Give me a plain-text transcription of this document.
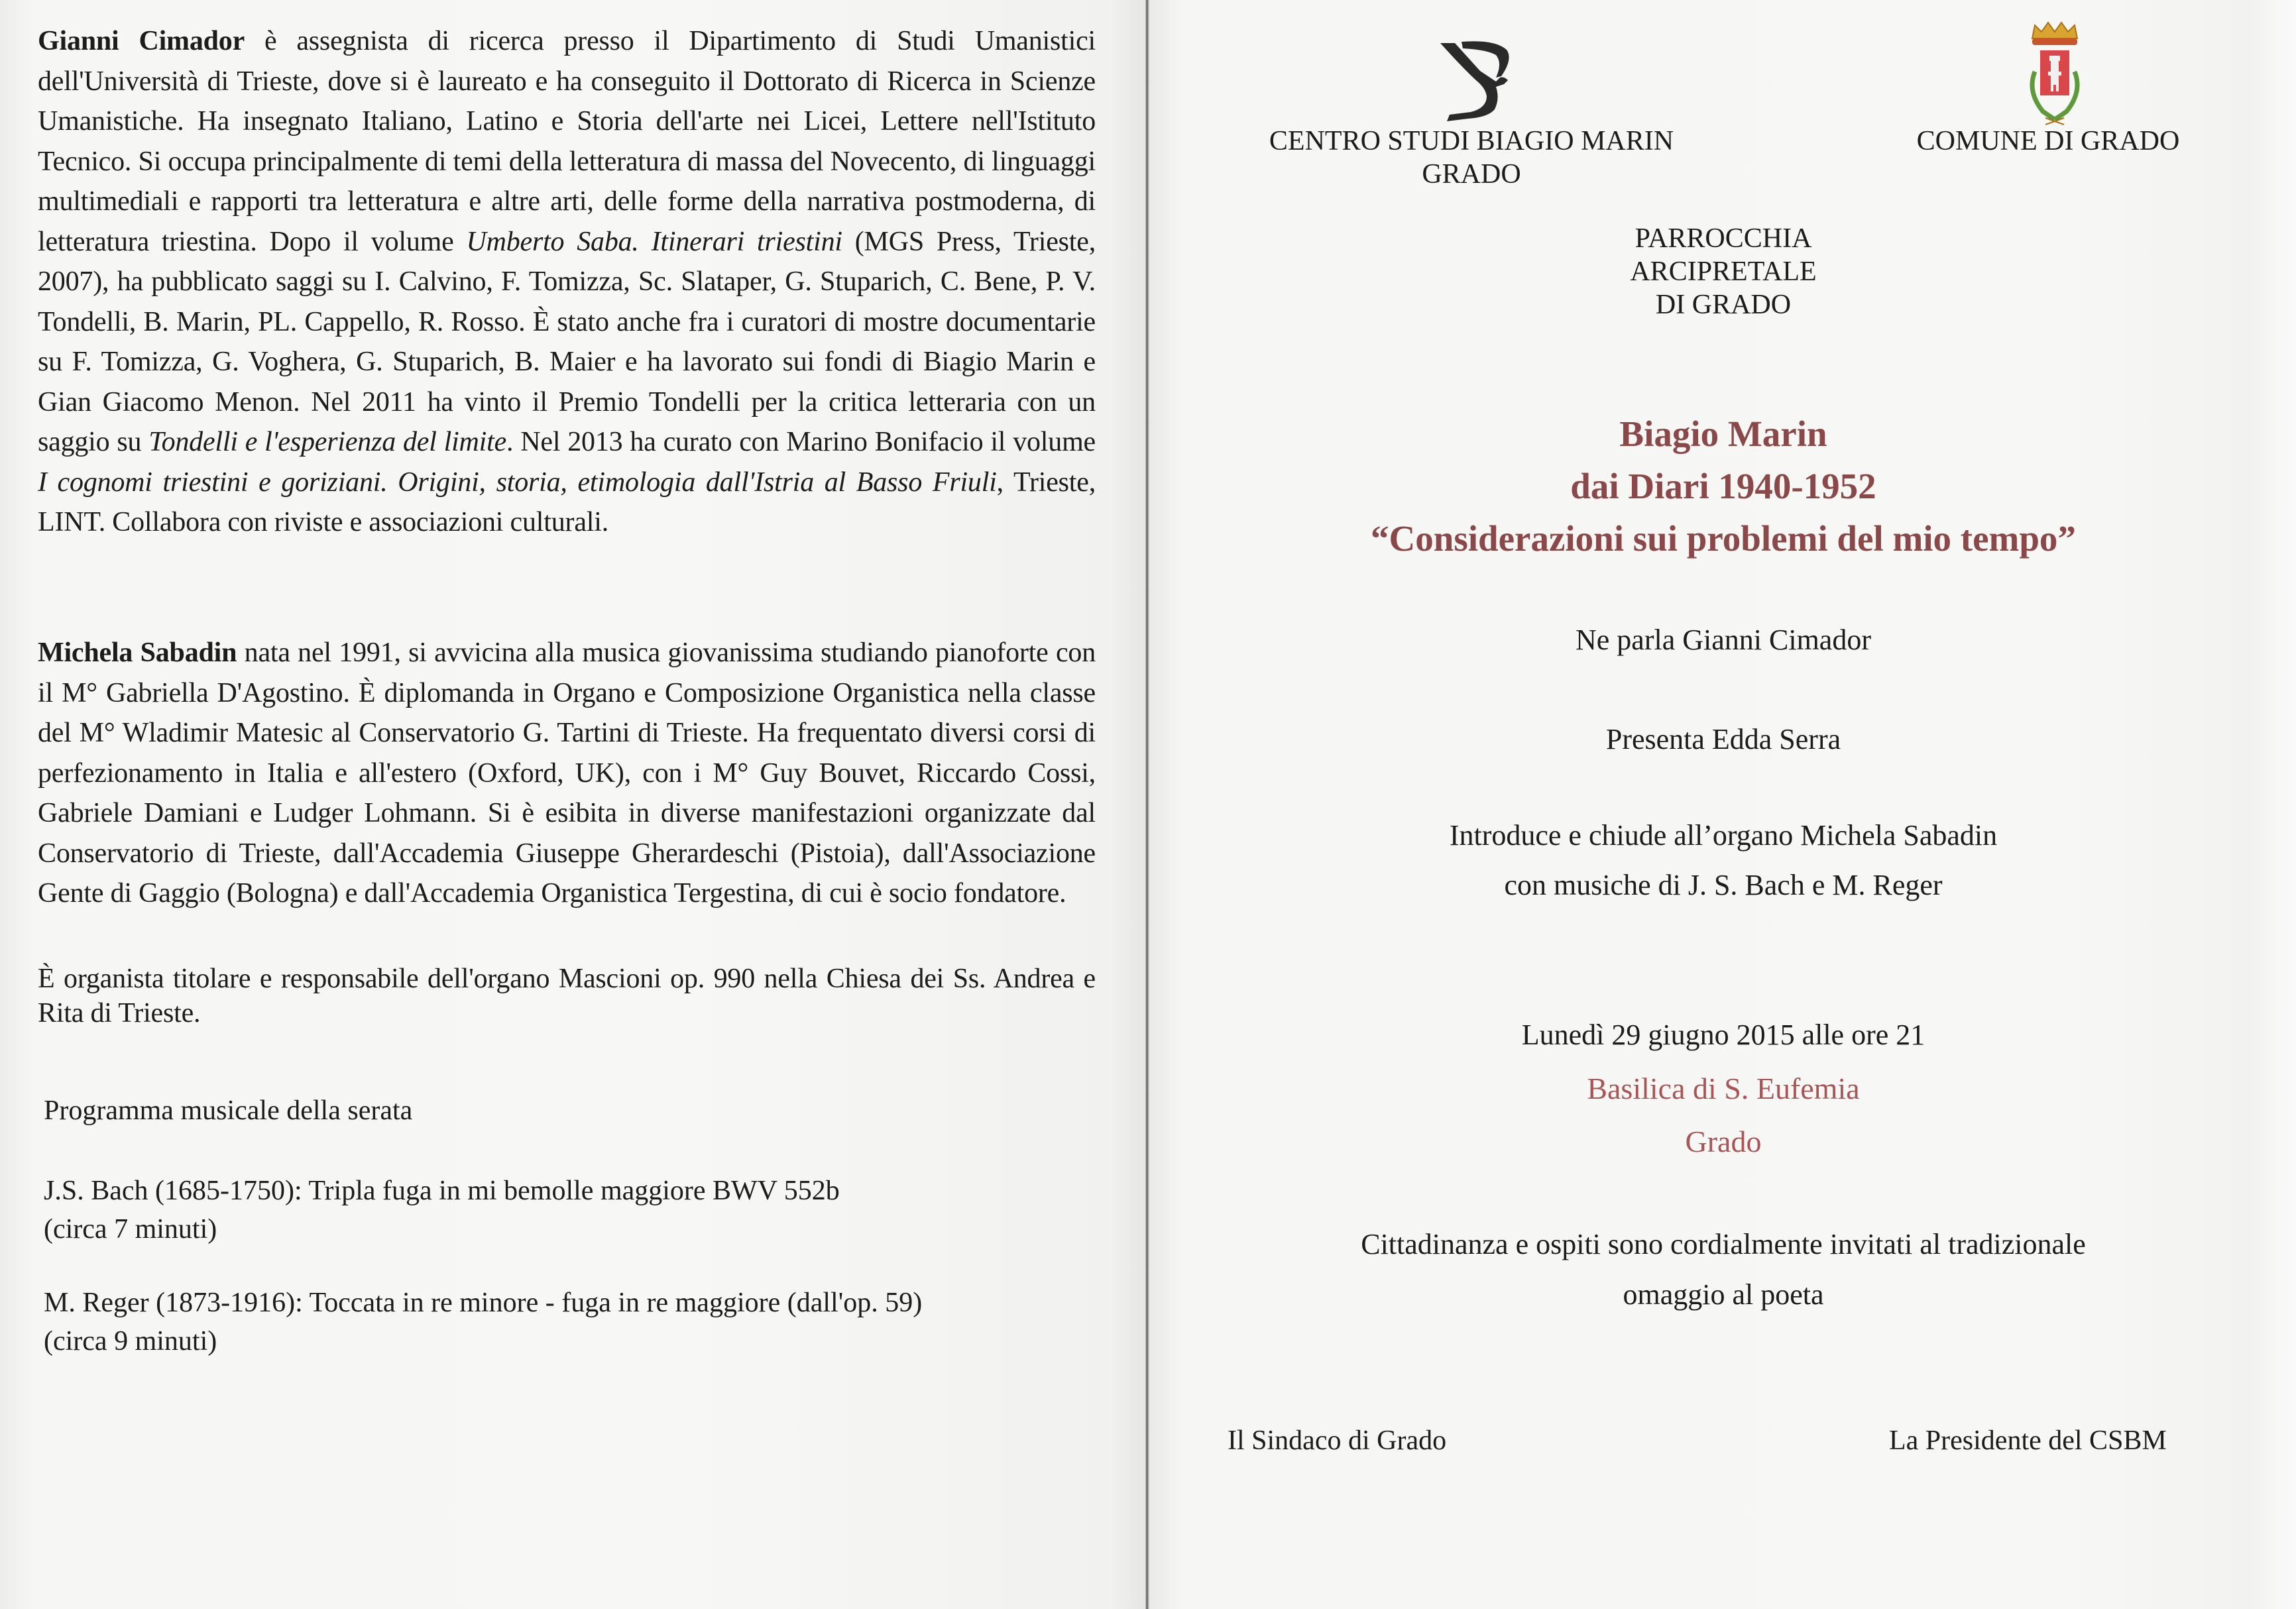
Gianni Cimador è assegnista di ricerca presso il Dipartimento di Studi Umanistici dell'Università di Trieste, dove si è laureato e ha conseguito il Dottorato di Ricerca in Scienze Umanistiche. Ha insegnato Italiano, Latino e Storia dell'arte nei Licei, Lettere nell'Istituto Tecnico. Si occupa principalmente di temi della letteratura di massa del Novecento, di linguaggi multimediali e rapporti tra letteratura e altre arti, delle forme della narrativa postmoderna, di letteratura triestina. Dopo il volume Umberto Saba. Itinerari triestini (MGS Press, Trieste, 2007), ha pubblicato saggi su I. Calvino, F. Tomizza, Sc. Slataper, G. Stuparich, C. Bene, P. V. Tondelli, B. Marin, PL. Cappello, R. Rosso. È stato anche fra i curatori di mostre documentarie su F. Tomizza, G. Voghera, G. Stuparich, B. Maier e ha lavorato sui fondi di Biagio Marin e Gian Giacomo Menon. Nel 2011 ha vinto il Premio Tondelli per la critica letteraria con un saggio su Tondelli e l'esperienza del limite. Nel 2013 ha curato con Marino Bonifacio il volume I cognomi triestini e goriziani. Origini, storia, etimologia dall'Istria al Basso Friuli, Trieste, LINT. Collabora con riviste e associazioni culturali.
Michela Sabadin nata nel 1991, si avvicina alla musica giovanissima studiando pianoforte con il M° Gabriella D'Agostino. È diplomanda in Organo e Composizione Organistica nella classe del M° Wladimir Matesic al Conservatorio G. Tartini di Trieste. Ha frequentato diversi corsi di perfezionamento in Italia e all'estero (Oxford, UK), con i M° Guy Bouvet, Riccardo Cossi, Gabriele Damiani e Ludger Lohmann. Si è esibita in diverse manifestazioni organizzate dal Conservatorio di Trieste, dall'Accademia Giuseppe Gherardeschi (Pistoia), dall'Associazione Gente di Gaggio (Bologna) e dall'Accademia Organistica Tergestina, di cui è socio fondatore.
È organista titolare e responsabile dell'organo Mascioni op. 990 nella Chiesa dei Ss. Andrea e Rita di Trieste.
Programma musicale della serata
J.S. Bach (1685-1750): Tripla fuga in mi bemolle maggiore BWV 552b
(circa 7 minuti)
M. Reger (1873-1916): Toccata in re minore - fuga in re maggiore (dall'op. 59)
(circa 9 minuti)
CENTRO STUDI BIAGIO MARIN
GRADO
COMUNE DI GRADO
PARROCCHIA
ARCIPRETALE
DI GRADO
Biagio Marin
dai Diari 1940-1952
“Considerazioni sui problemi del mio tempo”
Ne parla Gianni Cimador
Presenta Edda Serra
Introduce e chiude all’organo Michela Sabadin
con musiche di J. S. Bach e M. Reger
Lunedì 29 giugno 2015 alle ore 21
Basilica di S. Eufemia
Grado
Cittadinanza e ospiti sono cordialmente invitati al tradizionale
omaggio al poeta
Il Sindaco di Grado	La Presidente del CSBM
